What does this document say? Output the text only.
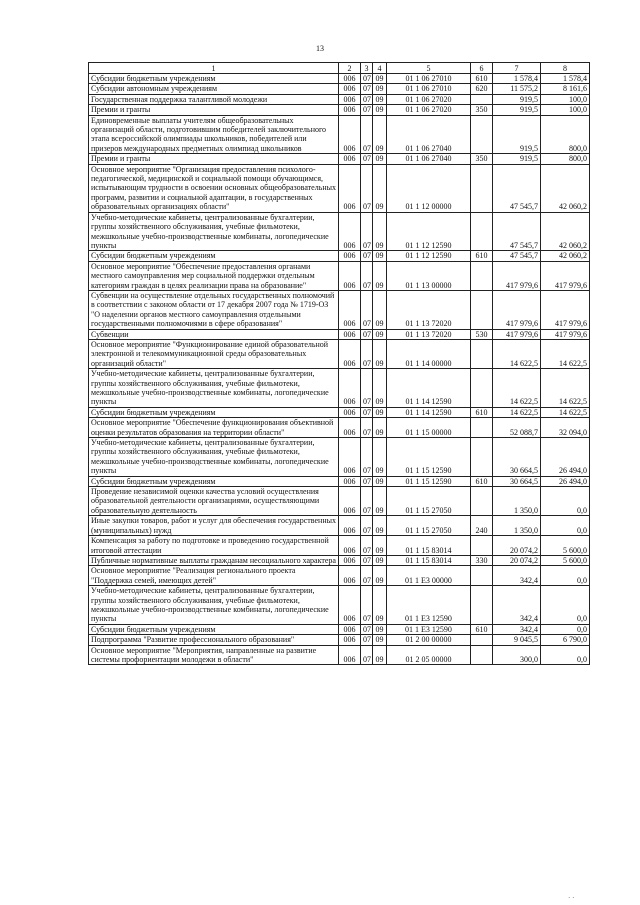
13
1	2	3	4	5	6	7	8
Субсидии бюджетным учреждениям	006	07	09	01 1 06 27010	610	1 578,4	1 578,4
Субсидии автономным учреждениям	006	07	09	01 1 06 27010	620	11 575,2	8 161,6
Государственная поддержка талантливой молодежи	006	07	09	01 1 06 27020		919,5	100,0
Премии и гранты	006	07	09	01 1 06 27020	350	919,5	100,0
Единовременные выплаты учителям общеобразовательных организаций области, подготовившим победителей заключительного этапа всероссийской олимпиады школьников, победителей или призеров международных предметных олимпиад школьников	006	07	09	01 1 06 27040		919,5	800,0
Премии и гранты	006	07	09	01 1 06 27040	350	919,5	800,0
Основное мероприятие "Организация предоставления психолого-педагогической, медицинской и социальной помощи обучающимся, испытывающим трудности в освоении основных общеобразовательных программ, развитии и социальной адаптации, в государственных образовательных организациях области"	006	07	09	01 1 12 00000		47 545,7	42 060,2
Учебно-методические кабинеты, централизованные бухгалтерии, группы хозяйственного обслуживания, учебные фильмотеки, межшкольные учебно-производственные комбинаты, логопедические пункты	006	07	09	01 1 12 12590		47 545,7	42 060,2
Субсидии бюджетным учреждениям	006	07	09	01 1 12 12590	610	47 545,7	42 060,2
Основное мероприятие "Обеспечение предоставления органами местного самоуправления мер социальной поддержки отдельным категориям граждан в целях реализации права на образование"	006	07	09	01 1 13 00000		417 979,6	417 979,6
Субвенции на осуществление отдельных государственных полномочий в соответствии с законом области от 17 декабря 2007 года № 1719-ОЗ "О наделении органов местного самоуправления отдельными государственными полномочиями в сфере образования"	006	07	09	01 1 13 72020		417 979,6	417 979,6
Субвенции	006	07	09	01 1 13 72020	530	417 979,6	417 979,6
Основное мероприятие "Функционирование единой образовательной электронной и телекоммуникационной среды образовательных организаций области"	006	07	09	01 1 14 00000		14 622,5	14 622,5
Учебно-методические кабинеты, централизованные бухгалтерии, группы хозяйственного обслуживания, учебные фильмотеки, межшкольные учебно-производственные комбинаты, логопедические пункты	006	07	09	01 1 14 12590		14 622,5	14 622,5
Субсидии бюджетным учреждениям	006	07	09	01 1 14 12590	610	14 622,5	14 622,5
Основное мероприятие "Обеспечение функционирования объективной оценки результатов образования на территории области"	006	07	09	01 1 15 00000		52 088,7	32 094,0
Учебно-методические кабинеты, централизованные бухгалтерии, группы хозяйственного обслуживания, учебные фильмотеки, межшкольные учебно-производственные комбинаты, логопедические пункты	006	07	09	01 1 15 12590		30 664,5	26 494,0
Субсидии бюджетным учреждениям	006	07	09	01 1 15 12590	610	30 664,5	26 494,0
Проведение независимой оценки качества условий осуществления образовательной деятельности организациями, осуществляющими образовательную деятельность	006	07	09	01 1 15 27050		1 350,0	0,0
Иные закупки товаров, работ и услуг для обеспечения государственных (муниципальных) нужд	006	07	09	01 1 15 27050	240	1 350,0	0,0
Компенсация за работу по подготовке и проведению государственной итоговой аттестации	006	07	09	01 1 15 83014		20 074,2	5 600,0
Публичные нормативные выплаты гражданам несоциального характера	006	07	09	01 1 15 83014	330	20 074,2	5 600,0
Основное мероприятие "Реализация регионального проекта "Поддержка семей, имеющих детей"	006	07	09	01 1 Е3 00000		342,4	0,0
Учебно-методические кабинеты, централизованные бухгалтерии, группы хозяйственного обслуживания, учебные фильмотеки, межшкольные учебно-производственные комбинаты, логопедические пункты	006	07	09	01 1 Е3 12590		342,4	0,0
Субсидии бюджетным учреждениям	006	07	09	01 1 Е3 12590	610	342,4	0,0
Подпрограмма "Развитие профессионального образования"	006	07	09	01 2 00 00000		9 045,5	6 790,0
Основное мероприятие "Мероприятия, направленные на развитие системы профориентации молодежи в области"	006	07	09	01 2 05 00000		300,0	0,0
· ·
